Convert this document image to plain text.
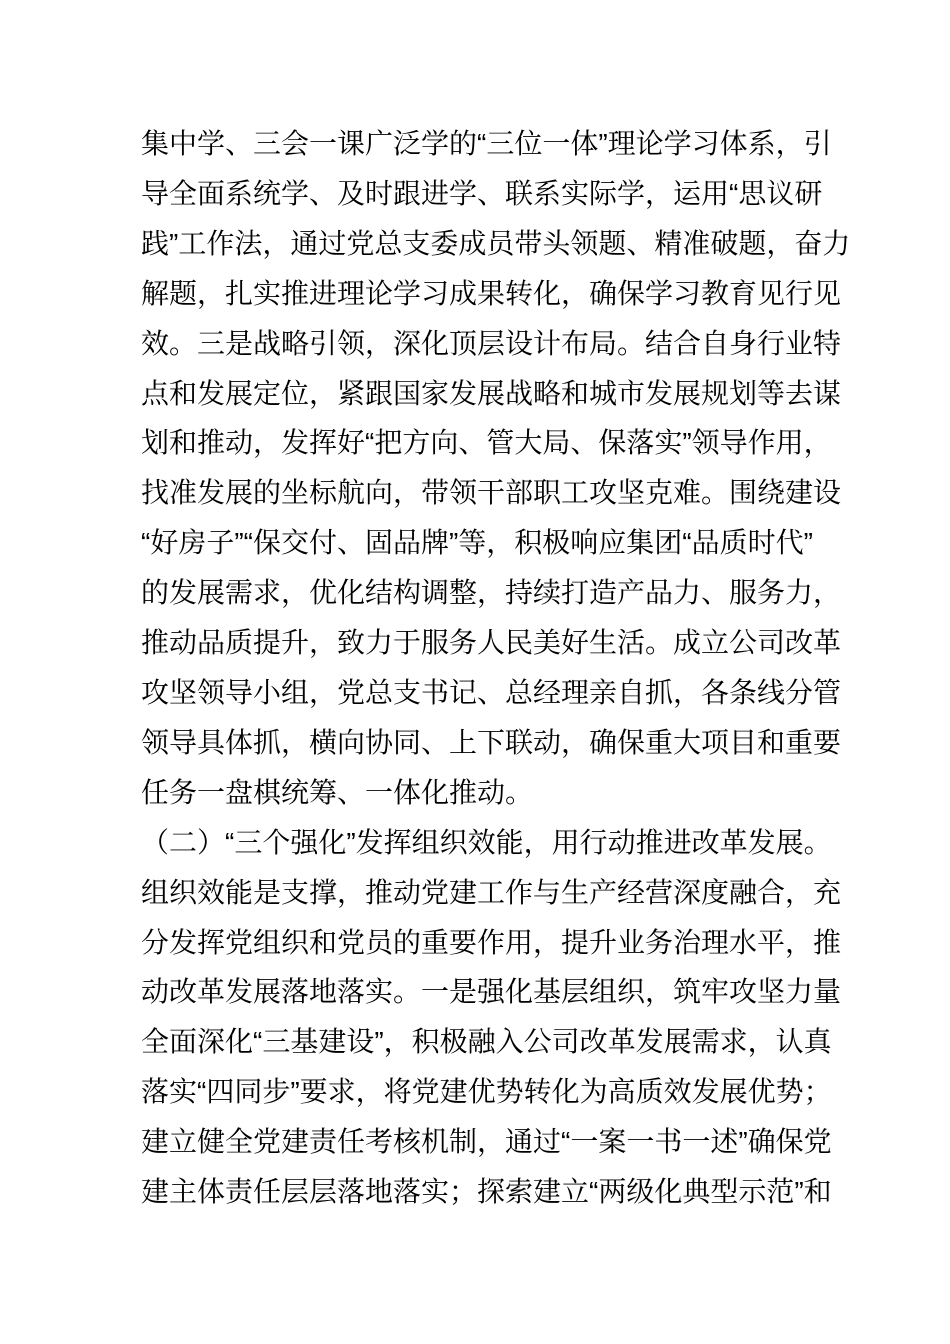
集中学、三会一课广泛学的“三位一体”理论学习体系，引
导全面系统学、及时跟进学、联系实际学，运用“思议研
践”工作法，通过党总支委成员带头领题、精准破题，奋力
解题，扎实推进理论学习成果转化，确保学习教育见行见
效。三是战略引领，深化顶层设计布局。结合自身行业特
点和发展定位，紧跟国家发展战略和城市发展规划等去谋
划和推动，发挥好“把方向、管大局、保落实”领导作用，
找准发展的坐标航向，带领干部职工攻坚克难。围绕建设
“好房子”“保交付、固品牌”等，积极响应集团“品质时代”
的发展需求，优化结构调整，持续打造产品力、服务力，
推动品质提升，致力于服务人民美好生活。成立公司改革
攻坚领导小组，党总支书记、总经理亲自抓，各条线分管
领导具体抓，横向协同、上下联动，确保重大项目和重要
任务一盘棋统筹、一体化推动。
（二）“三个强化”发挥组织效能，用行动推进改革发展。
组织效能是支撑，推动党建工作与生产经营深度融合，充
分发挥党组织和党员的重要作用，提升业务治理水平，推
动改革发展落地落实。一是强化基层组织，筑牢攻坚力量
全面深化“三基建设”，积极融入公司改革发展需求，认真
落实“四同步”要求，将党建优势转化为高质效发展优势；
建立健全党建责任考核机制，通过“一案一书一述”确保党
建主体责任层层落地落实；探索建立“两级化典型示范”和
